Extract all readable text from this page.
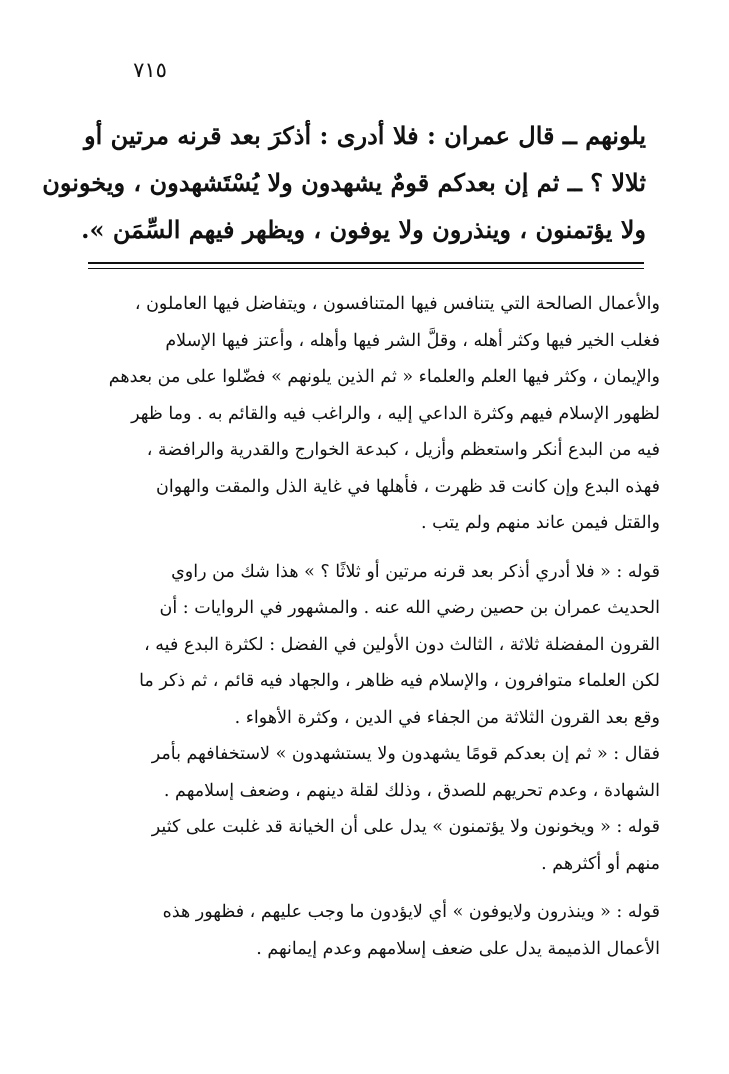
٧١٥
يلونهم ــ قال عمران : فلا أدرى : أذكرَ بعد قرنه مرتين أو
ثلالا ؟ ــ ثم إن بعدكم قومٌ يشهدون ولا يُسْتَشهدون ، ويخونون
ولا يؤتمنون ، وينذرون ولا يوفون ، ويظهر فيهم السِّمَن ».
والأعمال الصالحة التي يتنافس فيها المتنافسون ، ويتفاضل فيها العاملون ،
فغلب الخير فيها وكثر أهله ، وقلَّ الشر فيها وأهله ، وأعتز فيها الإسلام
والإيمان ، وكثر فيها العلم والعلماء « ثم الذين يلونهم » فضّلوا على من بعدهم
لظهور الإسلام فيهم وكثرة الداعي إليه ، والراغب فيه والقائم به . وما ظهر
فيه من البدع أنكر واستعظم وأزيل ، كبدعة الخوارج والقدرية والرافضة ،
فهذه البدع وإن كانت قد ظهرت ، فأهلها في غاية الذل والمقت والهوان
والقتل فيمن عاند منهم ولم يتب .
قوله : « فلا أدري أذكر بعد قرنه مرتين أو ثلاثًا ؟ » هذا شك من راوي
الحديث عمران بن حصين رضي الله عنه . والمشهور في الروايات : أن
القرون المفضلة ثلاثة ، الثالث دون الأولين في الفضل : لكثرة البدع فيه ،
لكن العلماء متوافرون ، والإسلام فيه ظاهر ، والجهاد فيه قائم ، ثم ذكر ما
وقع بعد القرون الثلاثة من الجفاء في الدين ، وكثرة الأهواء .
فقال : « ثم إن بعدكم قومًا يشهدون ولا يستشهدون » لاستخفافهم بأمر
الشهادة ، وعدم تحريهم للصدق ، وذلك لقلة دينهم ، وضعف إسلامهم .
قوله : « ويخونون ولا يؤتمنون » يدل على أن الخيانة قد غلبت على كثير
منهم أو أكثرهم .
قوله : « وينذرون ولايوفون » أي لايؤدون ما وجب عليهم ، فظهور هذه
الأعمال الذميمة يدل على ضعف إسلامهم وعدم إيمانهم .
